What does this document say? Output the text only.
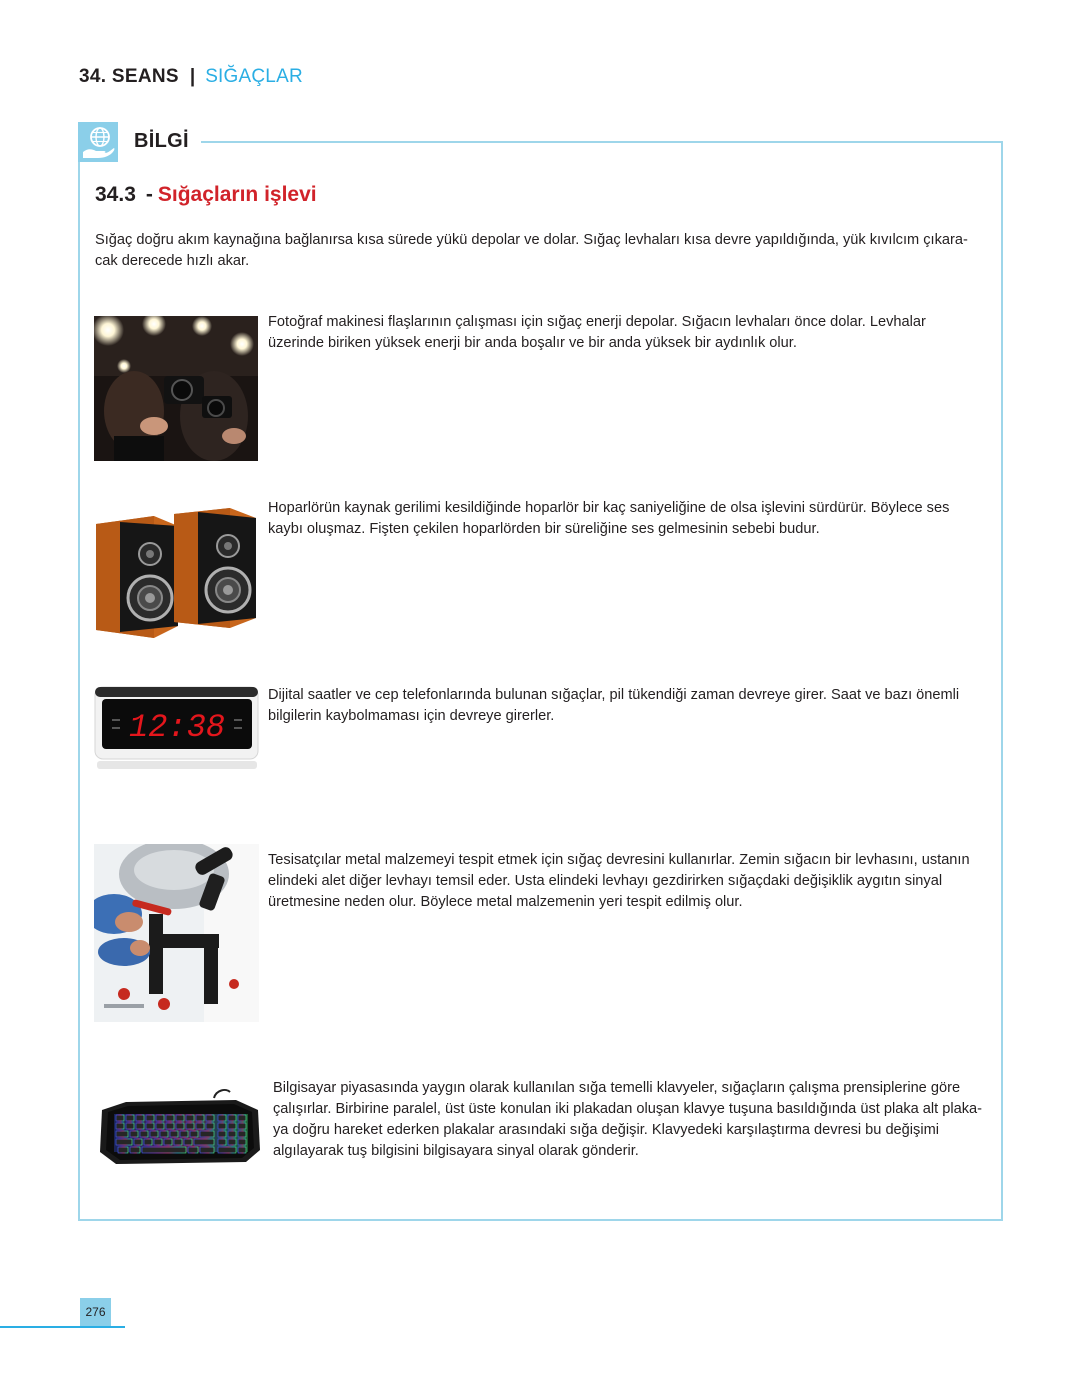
34. SEANS | SIĞAÇLAR
BİLGİ
34.3 - Sığaçların işlevi
Sığaç doğru akım kaynağına bağlanırsa kısa sürede yükü depolar ve dolar. Sığaç levhaları kısa devre yapıldığında, yük kıvılcım çıkara-
cak derecede hızlı akar.
Fotoğraf makinesi flaşlarının çalışması için sığaç enerji depolar. Sığacın levhaları önce dolar. Levhalar
üzerinde biriken yüksek enerji bir anda boşalır ve bir anda yüksek bir aydınlık olur.
Hoparlörün kaynak gerilimi kesildiğinde hoparlör bir kaç saniyeliğine de olsa işlevini sürdürür. Böylece ses
kaybı oluşmaz. Fişten çekilen hoparlörden bir süreliğine ses gelmesinin sebebi budur.
12:38
Dijital saatler ve cep telefonlarında bulunan sığaçlar, pil tükendiği zaman devreye girer. Saat ve bazı önemli
bilgilerin kaybolmaması için devreye girerler.
Tesisatçılar metal malzemeyi tespit etmek için sığaç devresini kullanırlar. Zemin sığacın bir levhasını, ustanın
elindeki alet diğer levhayı temsil eder. Usta elindeki levhayı gezdirirken sığaçdaki değişiklik aygıtın sinyal
üretmesine neden olur. Böylece metal malzemenin yeri tespit edilmiş olur.
Bilgisayar piyasasında yaygın olarak kullanılan sığa temelli klavyeler, sığaçların çalışma prensiplerine göre
çalışırlar. Birbirine paralel, üst üste konulan iki plakadan oluşan klavye tuşuna basıldığında üst plaka alt plaka-
ya doğru hareket ederken plakalar arasındaki sığa değişir. Klavyedeki karşılaştırma devresi bu değişimi
algılayarak tuş bilgisini bilgisayara sinyal olarak gönderir.
276
